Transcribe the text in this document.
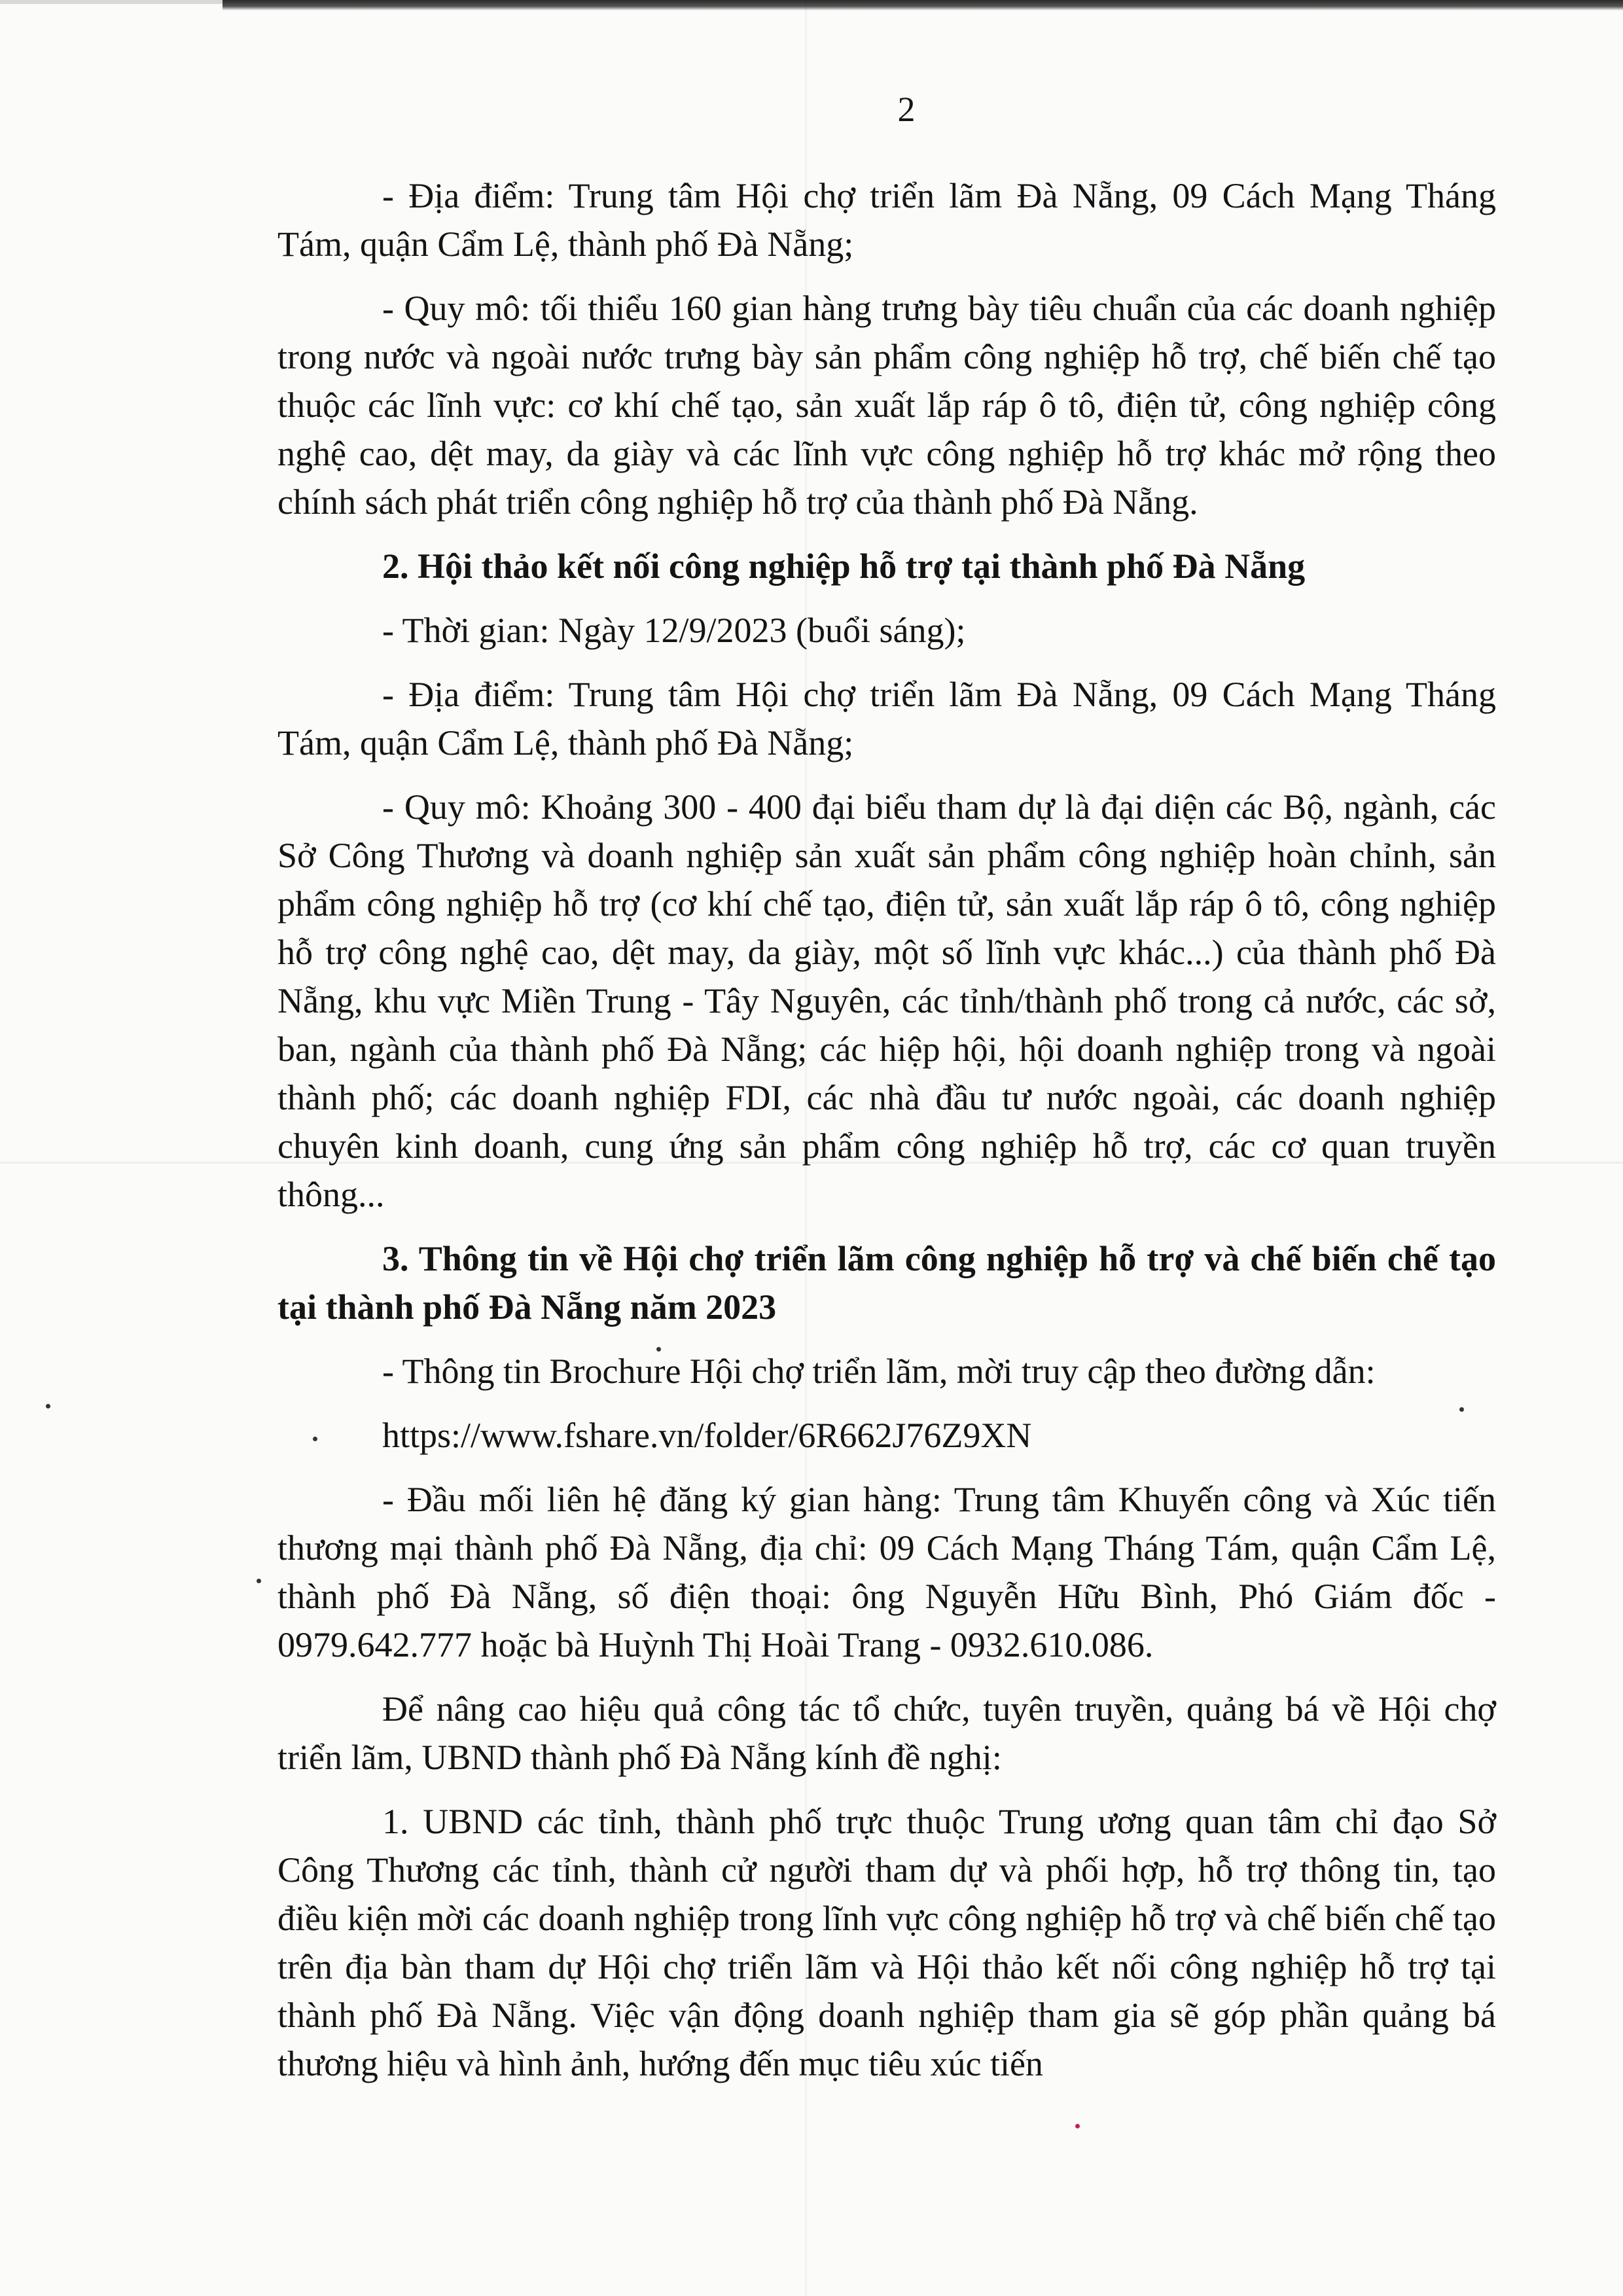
2

- Địa điểm: Trung tâm Hội chợ triển lãm Đà Nẵng, 09 Cách Mạng Tháng Tám, quận Cẩm Lệ, thành phố Đà Nẵng;

- Quy mô: tối thiểu 160 gian hàng trưng bày tiêu chuẩn của các doanh nghiệp trong nước và ngoài nước trưng bày sản phẩm công nghiệp hỗ trợ, chế biến chế tạo thuộc các lĩnh vực: cơ khí chế tạo, sản xuất lắp ráp ô tô, điện tử, công nghiệp công nghệ cao, dệt may, da giày và các lĩnh vực công nghiệp hỗ trợ khác mở rộng theo chính sách phát triển công nghiệp hỗ trợ của thành phố Đà Nẵng.

2. Hội thảo kết nối công nghiệp hỗ trợ tại thành phố Đà Nẵng

- Thời gian: Ngày 12/9/2023 (buổi sáng);

- Địa điểm: Trung tâm Hội chợ triển lãm Đà Nẵng, 09 Cách Mạng Tháng Tám, quận Cẩm Lệ, thành phố Đà Nẵng;

- Quy mô: Khoảng 300 - 400 đại biểu tham dự là đại diện các Bộ, ngành, các Sở Công Thương và doanh nghiệp sản xuất sản phẩm công nghiệp hoàn chỉnh, sản phẩm công nghiệp hỗ trợ (cơ khí chế tạo, điện tử, sản xuất lắp ráp ô tô, công nghiệp hỗ trợ công nghệ cao, dệt may, da giày, một số lĩnh vực khác...) của thành phố Đà Nẵng, khu vực Miền Trung - Tây Nguyên, các tỉnh/thành phố trong cả nước, các sở, ban, ngành của thành phố Đà Nẵng; các hiệp hội, hội doanh nghiệp trong và ngoài thành phố; các doanh nghiệp FDI, các nhà đầu tư nước ngoài, các doanh nghiệp chuyên kinh doanh, cung ứng sản phẩm công nghiệp hỗ trợ, các cơ quan truyền thông...

3. Thông tin về Hội chợ triển lãm công nghiệp hỗ trợ và chế biến chế tạo tại thành phố Đà Nẵng năm 2023

- Thông tin Brochure Hội chợ triển lãm, mời truy cập theo đường dẫn:

https://www.fshare.vn/folder/6R662J76Z9XN

- Đầu mối liên hệ đăng ký gian hàng: Trung tâm Khuyến công và Xúc tiến thương mại thành phố Đà Nẵng, địa chỉ: 09 Cách Mạng Tháng Tám, quận Cẩm Lệ, thành phố Đà Nẵng, số điện thoại: ông Nguyễn Hữu Bình, Phó Giám đốc - 0979.642.777 hoặc bà Huỳnh Thị Hoài Trang - 0932.610.086.

Để nâng cao hiệu quả công tác tổ chức, tuyên truyền, quảng bá về Hội chợ triển lãm, UBND thành phố Đà Nẵng kính đề nghị:

1. UBND các tỉnh, thành phố trực thuộc Trung ương quan tâm chỉ đạo Sở Công Thương các tỉnh, thành cử người tham dự và phối hợp, hỗ trợ thông tin, tạo điều kiện mời các doanh nghiệp trong lĩnh vực công nghiệp hỗ trợ và chế biến chế tạo trên địa bàn tham dự Hội chợ triển lãm và Hội thảo kết nối công nghiệp hỗ trợ tại thành phố Đà Nẵng. Việc vận động doanh nghiệp tham gia sẽ góp phần quảng bá thương hiệu và hình ảnh, hướng đến mục tiêu xúc tiến
